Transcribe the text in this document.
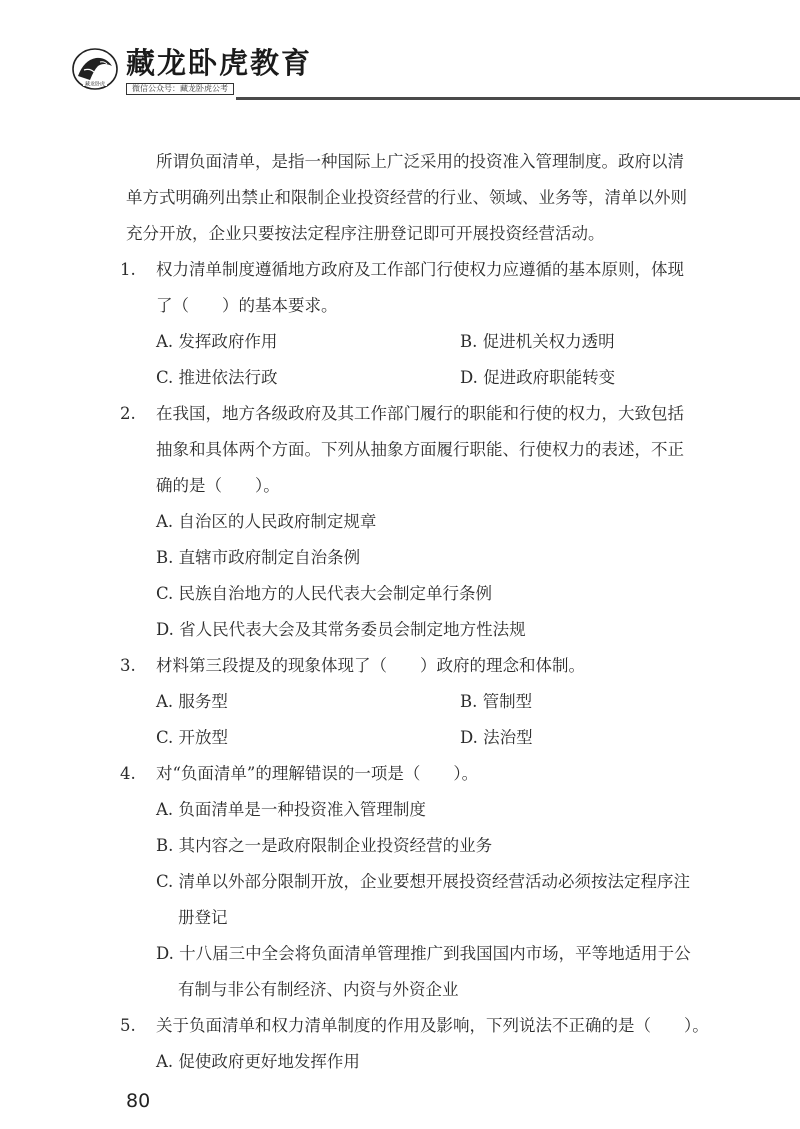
藏龙卧虎
藏龙卧虎教育
微信公众号：藏龙卧虎公考
所谓负面清单，是指一种国际上广泛采用的投资准入管理制度。政府以清
单方式明确列出禁止和限制企业投资经营的行业、领域、业务等，清单以外则
充分开放，企业只要按法定程序注册登记即可开展投资经营活动。
1. 权力清单制度遵循地方政府及工作部门行使权力应遵循的基本原则，体现
了（　　）的基本要求。
A. 发挥政府作用	B. 促进机关权力透明
C. 推进依法行政	D. 促进政府职能转变
2. 在我国，地方各级政府及其工作部门履行的职能和行使的权力，大致包括
抽象和具体两个方面。下列从抽象方面履行职能、行使权力的表述，不正
确的是（　　）。
A. 自治区的人民政府制定规章
B. 直辖市政府制定自治条例
C. 民族自治地方的人民代表大会制定单行条例
D. 省人民代表大会及其常务委员会制定地方性法规
3. 材料第三段提及的现象体现了（　　）政府的理念和体制。
A. 服务型	B. 管制型
C. 开放型	D. 法治型
4. 对“负面清单”的理解错误的一项是（　　）。
A. 负面清单是一种投资准入管理制度
B. 其内容之一是政府限制企业投资经营的业务
C. 清单以外部分限制开放，企业要想开展投资经营活动必须按法定程序注
册登记
D. 十八届三中全会将负面清单管理推广到我国国内市场，平等地适用于公
有制与非公有制经济、内资与外资企业
5. 关于负面清单和权力清单制度的作用及影响，下列说法不正确的是（　　）。
A. 促使政府更好地发挥作用
80
